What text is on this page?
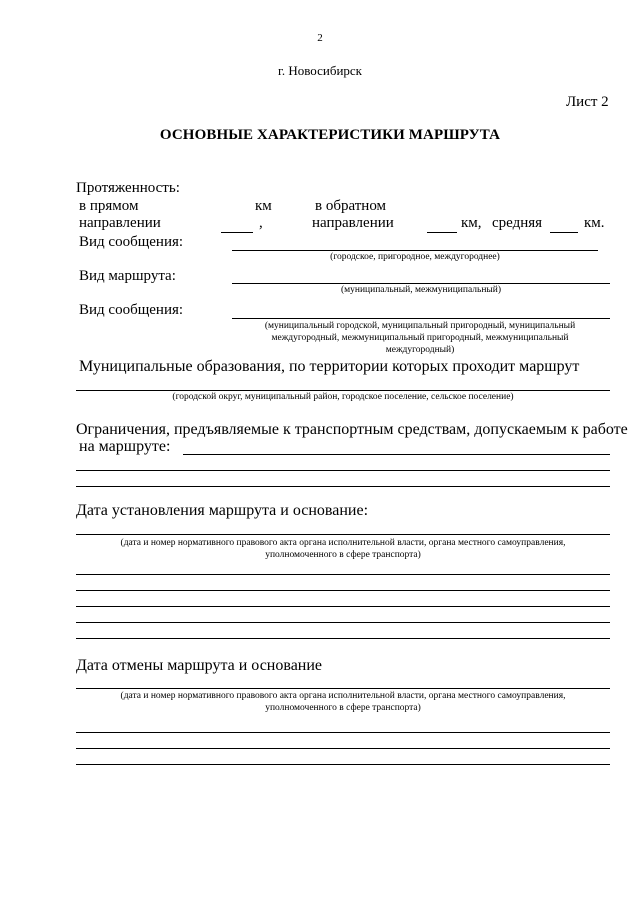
2
г. Новосибирск
Лист 2
ОСНОВНЫЕ ХАРАКТЕРИСТИКИ МАРШРУТА
Протяженность:
в прямом
направлении
км
,
в обратном
направлении	км, средняя	км.
Вид сообщения:
(городское, пригородное, междугороднее)
Вид маршрута:
(муниципальный, межмуниципальный)
Вид сообщения:
(муниципальный городской, муниципальный пригородный, муниципальный
междугородный, межмуниципальный пригородный, межмуниципальный
междугородный)
Муниципальные образования, по территории которых проходит маршрут
(городской округ, муниципальный район, городское поселение, сельское поселение)
Ограничения, предъявляемые к транспортным средствам, допускаемым к работе
на маршруте:
Дата установления маршрута и основание:
(дата и номер нормативного правового акта органа исполнительной власти, органа местного самоуправления,
уполномоченного в сфере транспорта)
Дата отмены маршрута и основание
(дата и номер нормативного правового акта органа исполнительной власти, органа местного самоуправления,
уполномоченного в сфере транспорта)
